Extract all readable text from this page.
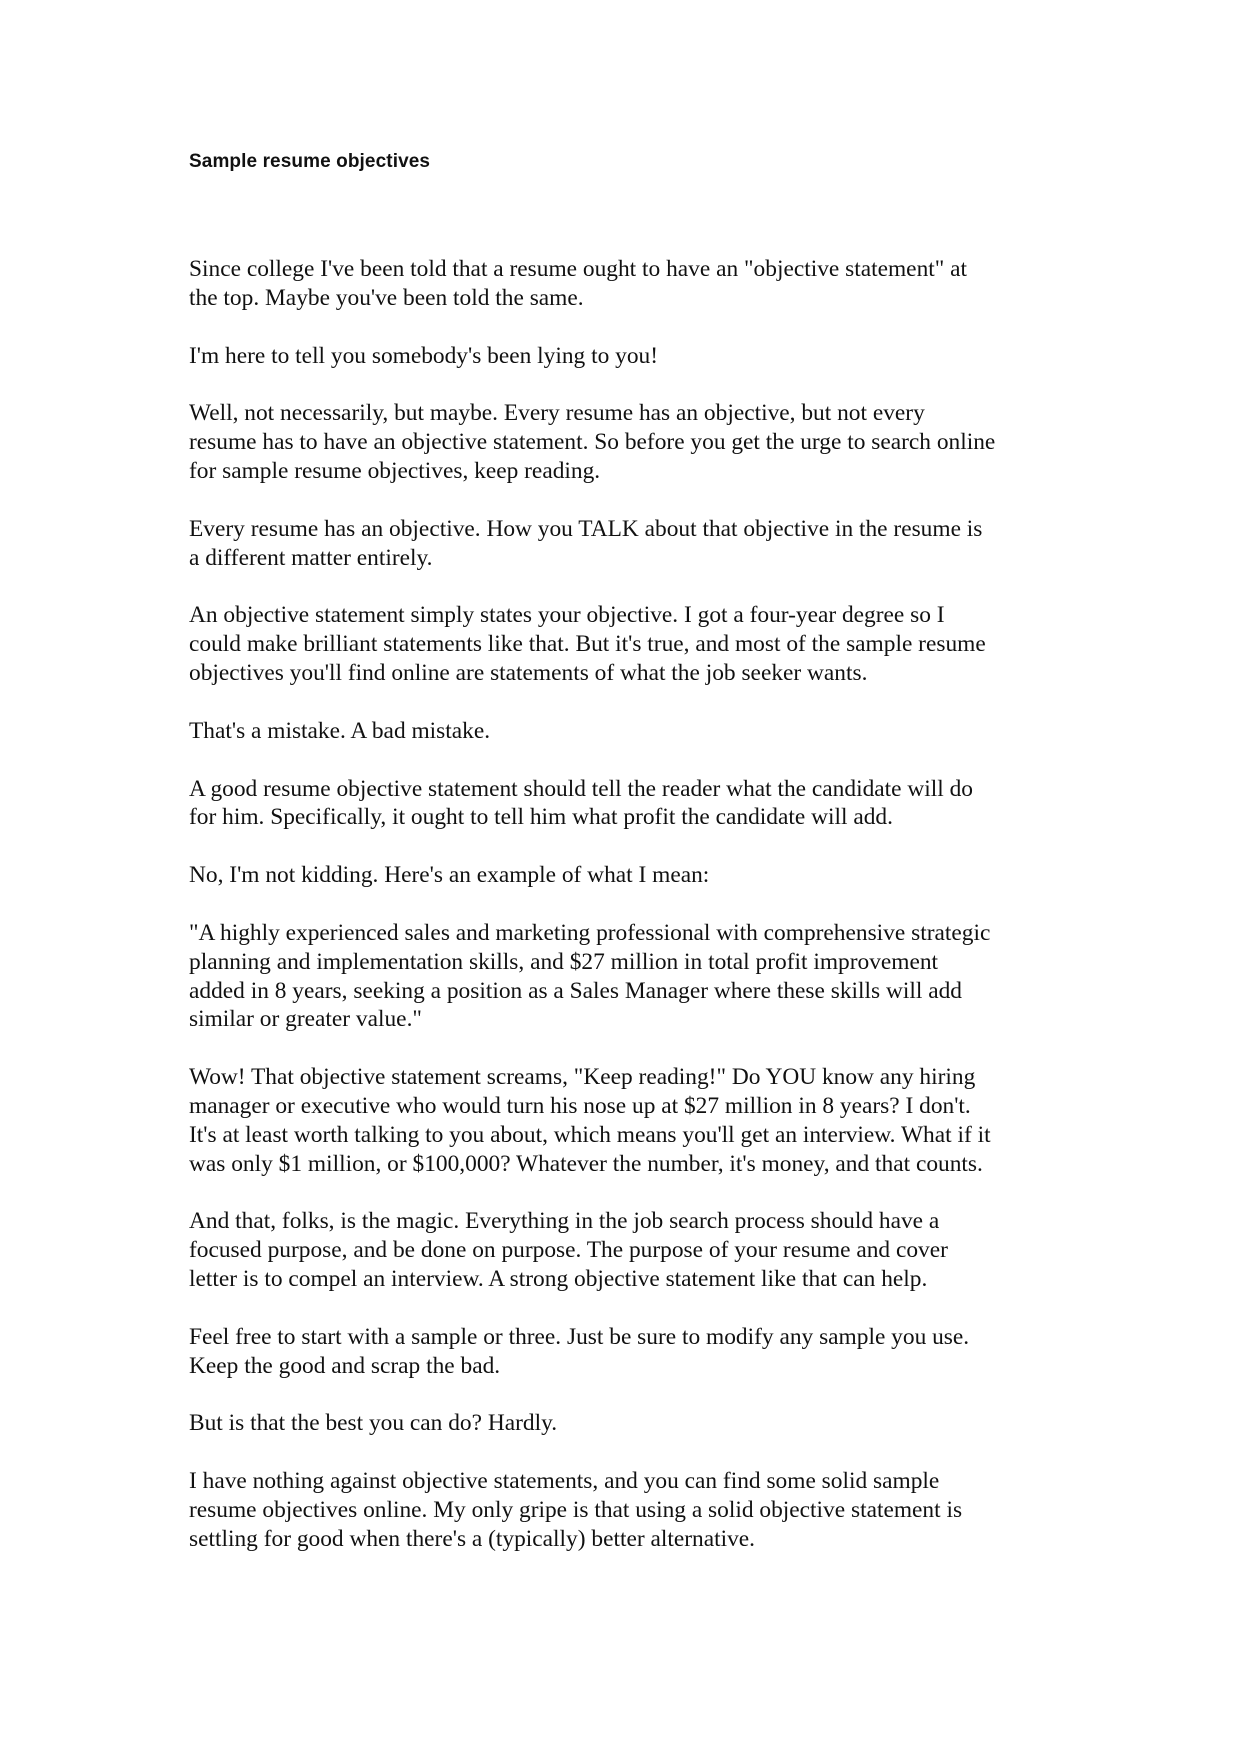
Sample resume objectives

Since college I've been told that a resume ought to have an "objective statement" at
the top. Maybe you've been told the same.

I'm here to tell you somebody's been lying to you!

Well, not necessarily, but maybe. Every resume has an objective, but not every
resume has to have an objective statement. So before you get the urge to search online
for sample resume objectives, keep reading.

Every resume has an objective. How you TALK about that objective in the resume is
a different matter entirely.

An objective statement simply states your objective. I got a four-year degree so I
could make brilliant statements like that. But it's true, and most of the sample resume
objectives you'll find online are statements of what the job seeker wants.

That's a mistake. A bad mistake.

A good resume objective statement should tell the reader what the candidate will do
for him. Specifically, it ought to tell him what profit the candidate will add.

No, I'm not kidding. Here's an example of what I mean:

"A highly experienced sales and marketing professional with comprehensive strategic
planning and implementation skills, and $27 million in total profit improvement
added in 8 years, seeking a position as a Sales Manager where these skills will add
similar or greater value."

Wow! That objective statement screams, "Keep reading!" Do YOU know any hiring
manager or executive who would turn his nose up at $27 million in 8 years? I don't.
It's at least worth talking to you about, which means you'll get an interview. What if it
was only $1 million, or $100,000? Whatever the number, it's money, and that counts.

And that, folks, is the magic. Everything in the job search process should have a
focused purpose, and be done on purpose. The purpose of your resume and cover
letter is to compel an interview. A strong objective statement like that can help.

Feel free to start with a sample or three. Just be sure to modify any sample you use.
Keep the good and scrap the bad.

But is that the best you can do? Hardly.

I have nothing against objective statements, and you can find some solid sample
resume objectives online. My only gripe is that using a solid objective statement is
settling for good when there's a (typically) better alternative.
